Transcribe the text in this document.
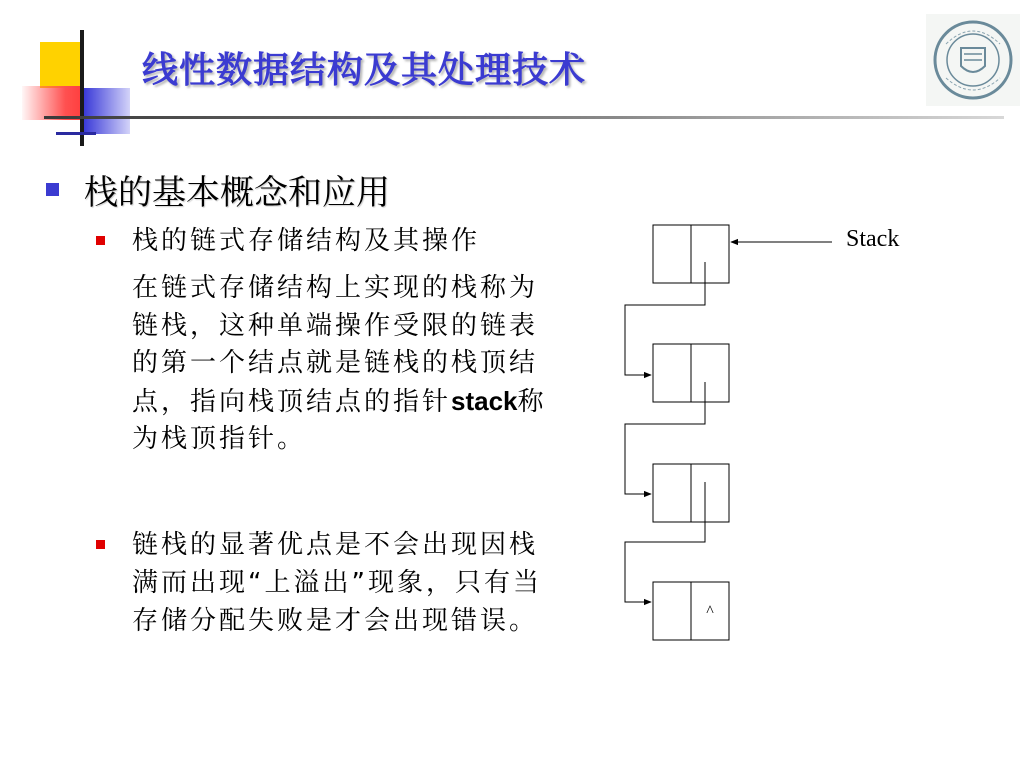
线性数据结构及其处理技术
栈的基本概念和应用
栈的链式存储结构及其操作
在链式存储结构上实现的栈称为链栈，这种单端操作受限的链表的第一个结点就是链栈的栈顶结点，指向栈顶结点的指针stack称为栈顶指针。
链栈的显著优点是不会出现因栈满而出现“上溢出”现象，只有当存储分配失败是才会出现错误。	^
Stack
